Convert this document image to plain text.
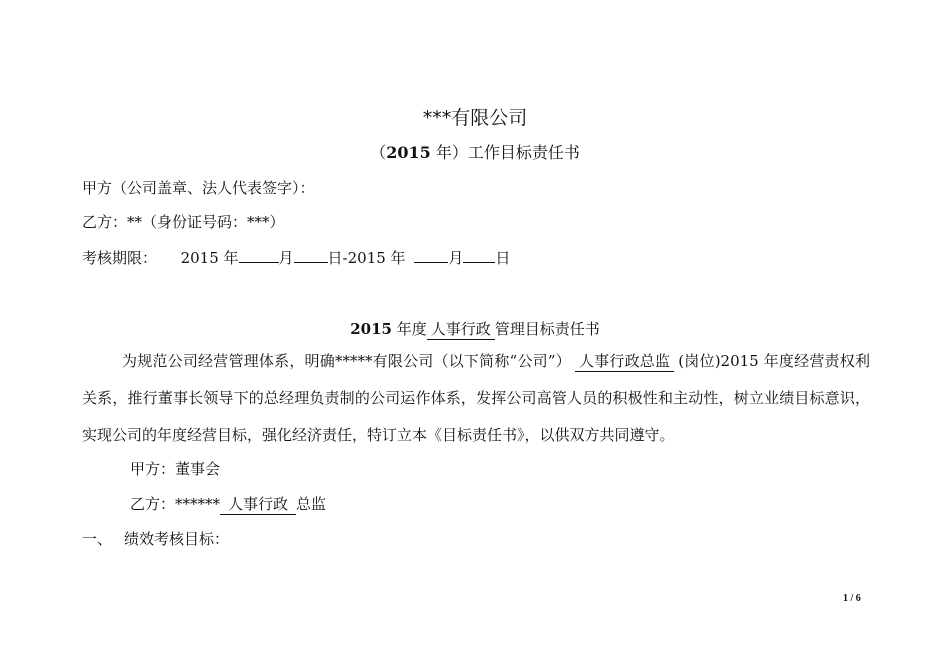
***有限公司
（2015 年）工作目标责任书
甲方（公司盖章、法人代表签字）：
乙方：**（身份证号码：***）
考核期限： 2015 年	月 日-2015 年	月 日
2015 年度 人事行政 管理目标责任书
为规范公司经营管理体系，明确*****有限公司（以下简称“公司”） 人事行政总监 (岗位)2015 年度经营责权利关系，推行董事长领导下的总经理负责制的公司运作体系，发挥公司高管人员的积极性和主动性，树立业绩目标意识，实现公司的年度经营目标，强化经济责任，特订立本《目标责任书》，以供双方共同遵守。
甲方：董事会
乙方：****** 人事行政 总监
一、 绩效考核目标：
1 / 6
